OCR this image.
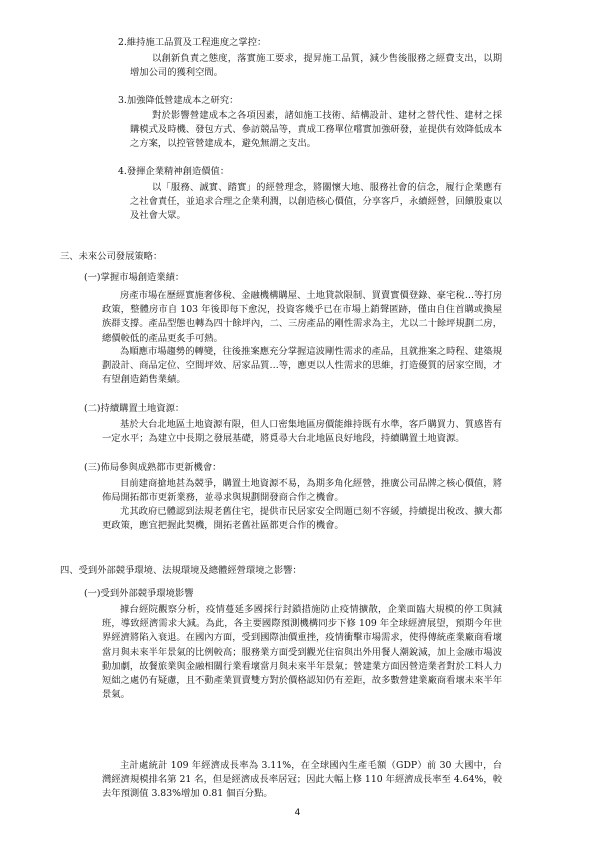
2.維持施工品質及工程進度之掌控：

以創新負責之態度，落實施工要求，提昇施工品質，減少售後服務之經費支出，以期增加公司的獲利空間。

3.加強降低營建成本之研究：

對於影響營建成本之各項因素，諸如施工技術、結構設計、建材之替代性、建材之採購模式及時機、發包方式、參訪競品等，責成工務單位嚐實加強研發，並提供有效降低成本之方案，以控管營建成本，避免無謂之支出。

4.發揮企業精神創造價值：

以「服務、誠實、踏實」的經營理念，將關懷大地、服務社會的信念，履行企業應有之社會責任，並追求合理之企業利潤，以創造核心價值，分享客戶，永續經營，回饋股東以及社會大眾。

三、未來公司發展策略：

(一)掌握市場創造業績：

房產市場在歷經實施奢侈稅、金融機構購屋、土地貸款限制、買賣實價登錄、豪宅稅…等打房政策，整體房市自 103 年後即每下愈況，投資客幾乎已在市場上銷聲匿跡，僅由自住首購或換屋族群支撐。產品型態也轉為四十餘坪內，二、三房產品的剛性需求為主，尤以二十餘坪規劃二房，總價較低的產品更炙手可熱。

為順應市場趨勢的轉變，往後推案應充分掌握這波剛性需求的產品，且就推案之時程、建築規劃設計、商品定位、空間坪效、居家品質…等，應更以人性需求的思維，打造優質的居家空間，才有望創造銷售業績。

(二)持續購置土地資源：

基於大台北地區土地資源有限，但人口密集地區房價能維持既有水準，客戶購買力、質感皆有一定水平；為建立中長期之發展基礎，將覓尋大台北地區良好地段，持續購置土地資源。

(三)佈局參與成熟都市更新機會：

目前建商搶地甚為競爭，購置土地資源不易，為期多角化經營，推廣公司品牌之核心價值，將佈局開拓都市更新業務，並尋求與規劃開發商合作之機會。

尤其政府已體認到法規老舊住宅，提供市民居家安全問題已刻不容緩，持續提出稅改、擴大都更政策，應宜把握此契機，開拓老舊社區都更合作的機會。

四、受到外部競爭環境、法規環境及總體經營環境之影響：

(一)受到外部競爭環境影響

據台經院觀察分析，疫情蔓延多國採行封鎖措施防止疫情擴散，企業面臨大規模的停工與減班，導致經濟需求大減。為此，各主要國際預測機構同步下修 109 年全球經濟展望，預期今年世界經濟將陷入衰退。在國內方面，受到國際油價重挫，疫情衝擊市場需求，使得傳統產業廠商看壞當月與未來半年景氣的比例較高；服務業方面受到觀光住宿與出外用餐人潮銳減，加上金融市場波動加劇，故餐旅業與金融相關行業看壞當月與未來半年景氣；營建業方面因營造業者對於工料人力短絀之處仍有疑慮，且不動產業買賣雙方對於價格認知仍有差距，故多數營建業廠商看壞未來半年景氣。

主計處統計 109 年經濟成長率為 3.11%，在全球國內生產毛額（GDP）前 30 大國中，台灣經濟規模排名第 21 名，但是經濟成長率居冠；因此大幅上修 110 年經濟成長率至 4.64%，較去年預測值 3.83%增加 0.81 個百分點。

4
